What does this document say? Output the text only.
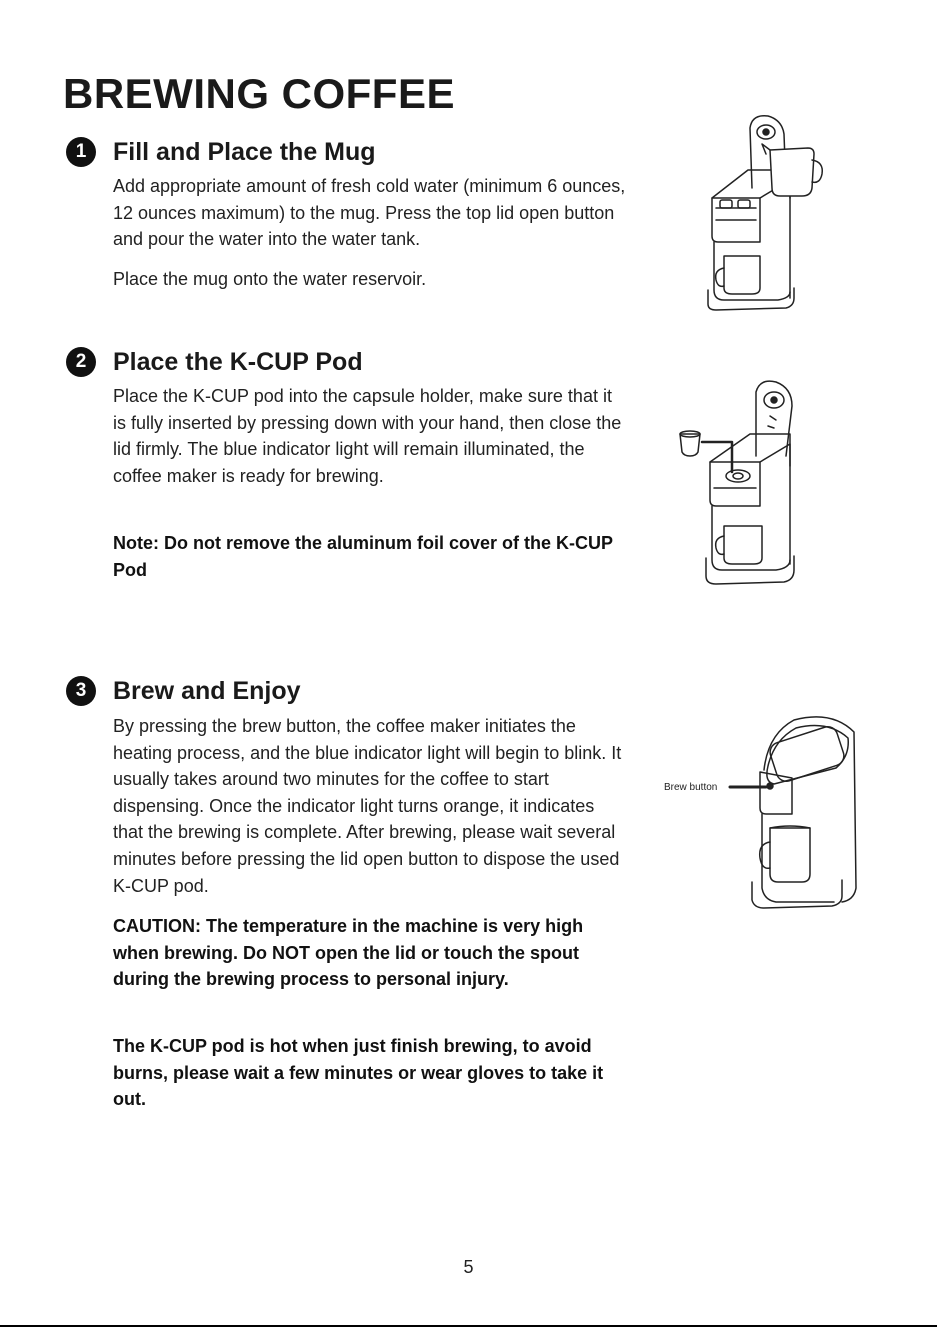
BREWING COFFEE
1	Fill and Place the Mug

Add appropriate amount of fresh cold water (minimum 6 ounces, 12 ounces maximum) to the mug. Press the top lid open button and pour the water into the water tank.

Place the mug onto the water reservoir.

2	Place the K-CUP Pod

Place the K-CUP pod into the capsule holder, make sure that it is fully inserted by pressing down with your hand, then close the lid firmly. The blue indicator light will remain illuminated, the coffee maker is ready for brewing.

Note: Do not remove the aluminum foil cover of the K-CUP Pod

3	Brew and Enjoy

By pressing the brew button, the coffee maker initiates the heating process, and the blue indicator light will begin to blink. It usually takes around two minutes for the coffee to start dispensing. Once the indicator light turns orange, it indicates that the brewing is complete. After brewing, please wait several minutes before pressing the lid open button to dispose the used K-CUP pod.

CAUTION: The temperature in the machine is very high when brewing. Do NOT open the lid or touch the spout during the brewing process to personal injury.

The K-CUP pod is hot when just finish brewing, to avoid burns, please wait a few minutes or wear gloves to take it out.

Brew button
5
